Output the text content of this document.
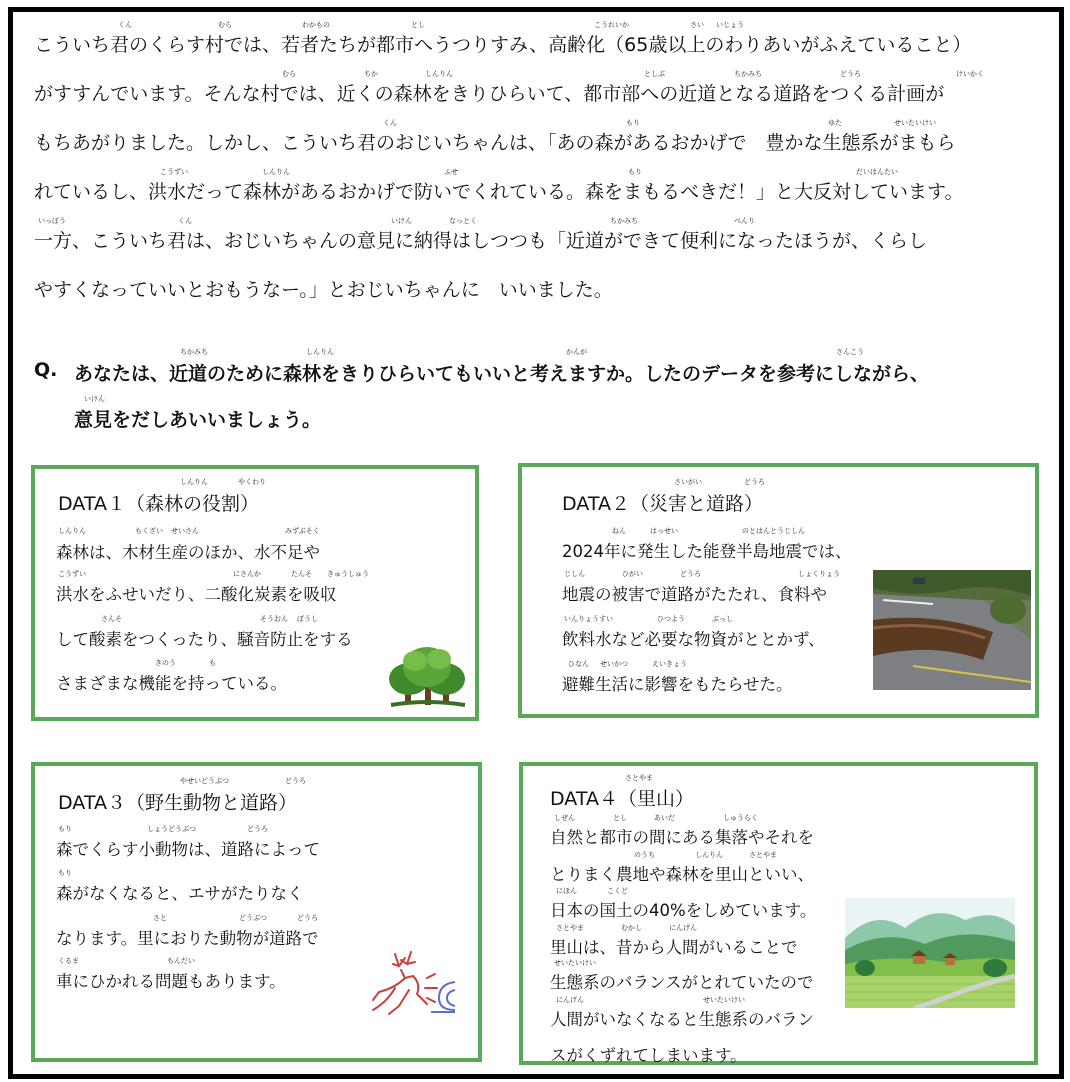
こういち君のくらす村では、若者たちが都市へうつりすみ、高齢化（65歳以上のわりあいがふえていること）
がすすんでいます。そんな村では、近くの森林をきりひらいて、都市部への近道となる道路をつくる計画が
もちあがりました。しかし、こういち君のおじいちゃんは、「あの森があるおかげで　豊かな生態系がまもら
れているし、洪水だって森林があるおかげで防いでくれている。森をまもるべきだ！」と大反対しています。
一方、こういち君は、おじいちゃんの意見に納得はしつつも「近道ができて便利になったほうが、くらし
やすくなっていいとおもうなー。」とおじいちゃんに　いいました。
くん	むら	わかもの	とし	こうれいか	さい いじょう
むら	ちか	しんりん	としぶ	ちかみち	どうろ	けいかく
くん	もり	ゆた	せいたいけい
こうずい	しんりん	ふせ	もり	だいはんたい
いっぽう	くん	いけん	なっとく	ちかみち	べんり
Q. あなたは、近道のために森林をきりひらいてもいいと考えますか。したのデータを参考にしながら、
意見をだしあいいましょう。
ちかみち	しんりん	かんが	さんこう
いけん
DATA１（森林の役割）
森林は、木材生産のほか、水不足や
洪水をふせいだり、二酸化炭素を吸収
して酸素をつくったり、騒音防止をする
さまざまな機能を持っている。
しんりん	やくわり
しんりん	もくざい せいさん	みずぶそく
こうずい	にさんか	たんそ きゅうしゅう
さんそ	そうおん ぼうし
きのう	も
DATA２（災害と道路）
2024年に発生した能登半島地震では、
地震の被害で道路がたたれ、食料や
飲料水など必要な物資がととかず、
避難生活に影響をもたらせた。
さいがい	どうろ
ねん	はっせい	のとはんとうじしん
じしん	ひがい	どうろ	しょくりょう
いんりょうすい	ひつよう	ぶっし
ひなん せいかつ	えいきょう
DATA３（野生動物と道路）
森でくらす小動物は、道路によって
森がなくなると、エサがたりなく
なります。里におりた動物が道路で
車にひかれる問題もあります。
やせいどうぶつ	どうろ
もり	しょうどうぶつ	どうろ
もり
さと	どうぶつ	どうろ
くるま	もんだい
DATA４（里山）
自然と都市の間にある集落やそれを
とりまく農地や森林を里山といい、
日本の国土の40%をしめています。
里山は、昔から人間がいることで
生態系のバランスがとれていたので
人間がいなくなると生態系のバラン
スがくずれてしまいます。
さとやま
しぜん	とし	あいだ	しゅうらく
のうち	しんりん	さとやま
にほん	こくど
さとやま	むかし	にんげん
せいたいけい
にんげん	せいたいけい
